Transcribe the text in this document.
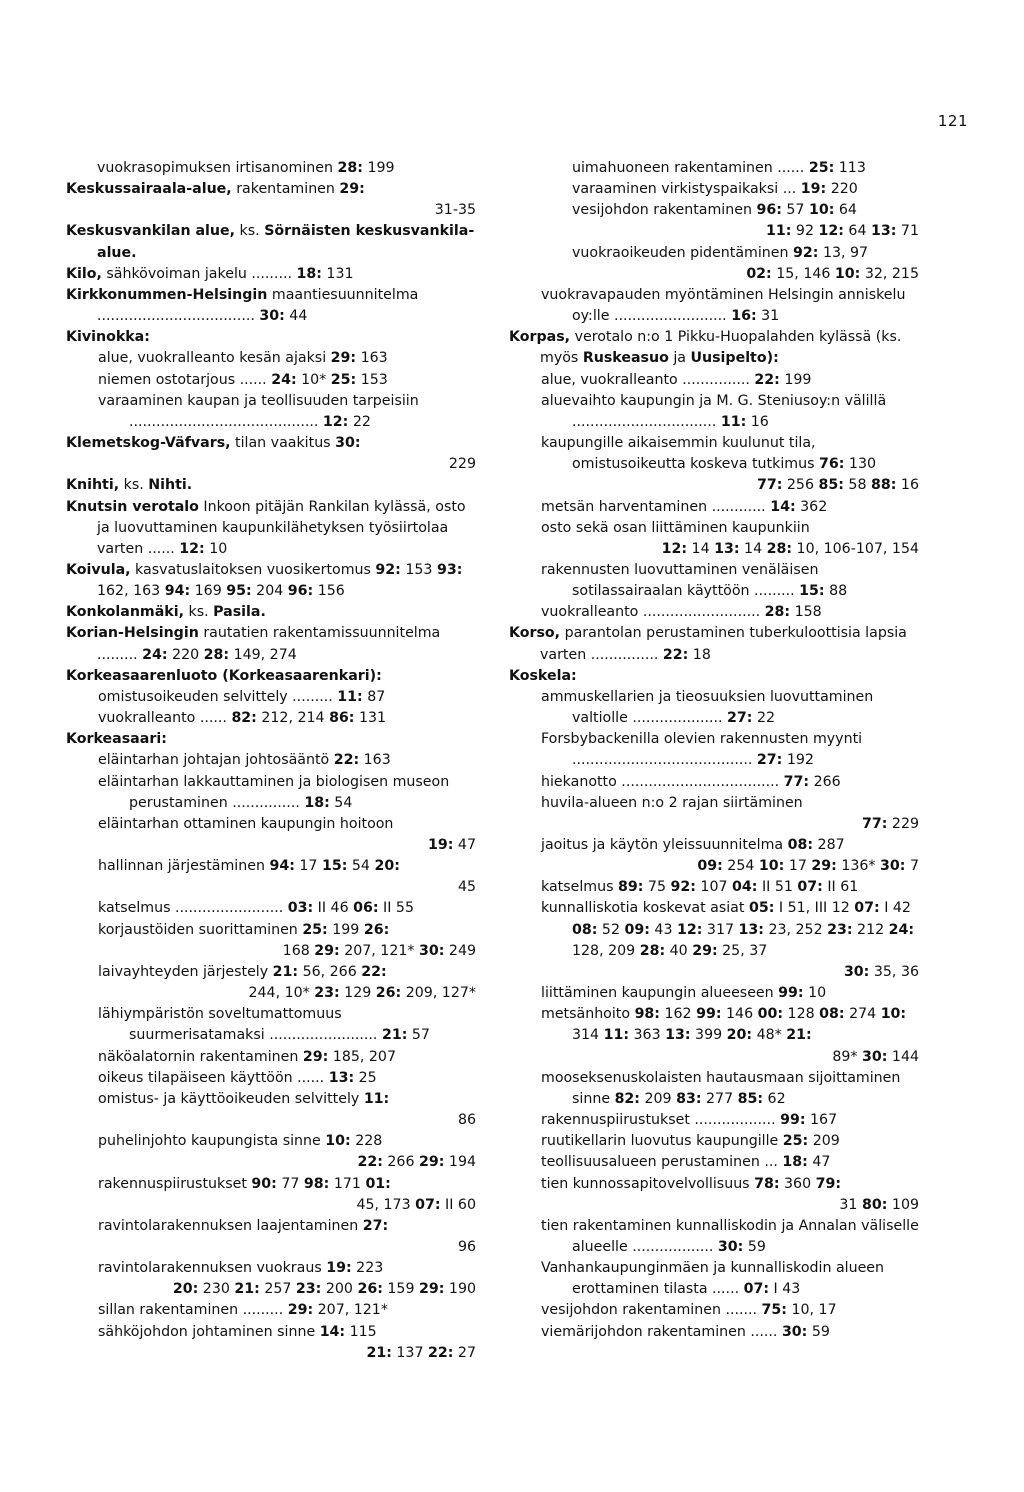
121

vuokrasopimuksen irtisanominen 28: 199

Keskussairaala-alue, rakentaminen 29:

31-35

Keskusvankilan alue, ks. Sörnäisten keskusvankila-alue.

Kilo, sähkövoiman jakelu ......... 18: 131

Kirkkonummen-Helsingin maantiesuunnitelma ................................... 30: 44

Kivinokka:

alue, vuokralleanto kesän ajaksi 29: 163

niemen ostotarjous ...... 24: 10* 25: 153

varaaminen kaupan ja teollisuuden tarpeisiin .......................................... 12: 22

Klemetskog-Väfvars, tilan vaakitus 30:

229

Knihti, ks. Nihti.

Knutsin verotalo Inkoon pitäjän Rankilan kylässä, osto ja luovuttaminen kaupunkilähetyksen työsiirtolaa varten ...... 12: 10

Koivula, kasvatuslaitoksen vuosikertomus 92: 153 93: 162, 163 94: 169 95: 204 96: 156

Konkolanmäki, ks. Pasila.

Korian-Helsingin rautatien rakentamissuunnitelma ......... 24: 220 28: 149, 274

Korkeasaarenluoto (Korkeasaarenkari):

omistusoikeuden selvittely ......... 11: 87

vuokralleanto ...... 82: 212, 214 86: 131

Korkeasaari:

eläintarhan johtajan johtosääntö 22: 163

eläintarhan lakkauttaminen ja biologisen museon perustaminen ............... 18: 54

eläintarhan ottaminen kaupungin hoitoon

19: 47

hallinnan järjestäminen 94: 17 15: 54 20:

45

katselmus ........................ 03: II 46 06: II 55

korjaustöiden suorittaminen 25: 199 26:

168 29: 207, 121* 30: 249

laivayhteyden järjestely 21: 56, 266 22:

244, 10* 23: 129 26: 209, 127*

lähiympäristön soveltumattomuus suurmerisatamaksi ........................ 21: 57

näköalatornin rakentaminen 29: 185, 207

oikeus tilapäiseen käyttöön ...... 13: 25

omistus- ja käyttöoikeuden selvittely 11:

86

puhelinjohto kaupungista sinne 10: 228

22: 266 29: 194

rakennuspiirustukset 90: 77 98: 171 01:

45, 173 07: II 60

ravintolarakennuksen laajentaminen 27:

96

ravintolarakennuksen vuokraus 19: 223

20: 230 21: 257 23: 200 26: 159 29: 190

sillan rakentaminen ......... 29: 207, 121*

sähköjohdon johtaminen sinne 14: 115

21: 137 22: 27

uimahuoneen rakentaminen ...... 25: 113

varaaminen virkistyspaikaksi ... 19: 220

vesijohdon rakentaminen 96: 57 10: 64

11: 92 12: 64 13: 71

vuokraoikeuden pidentäminen 92: 13, 97

02: 15, 146 10: 32, 215

vuokravapauden myöntäminen Helsingin anniskelu oy:lle ......................... 16: 31

Korpas, verotalo n:o 1 Pikku-Huopalahden kylässä (ks. myös Ruskeasuo ja Uusipelto):

alue, vuokralleanto ............... 22: 199

aluevaihto kaupungin ja M. G. Steniusoy:n välillä ................................ 11: 16

kaupungille aikaisemmin kuulunut tila, omistusoikeutta koskeva tutkimus 76: 130

77: 256 85: 58 88: 16

metsän harventaminen ............ 14: 362

osto sekä osan liittäminen kaupunkiin

12: 14 13: 14 28: 10, 106-107, 154

rakennusten luovuttaminen venäläisen sotilassairaalan käyttöön ......... 15: 88

vuokralleanto .......................... 28: 158

Korso, parantolan perustaminen tuberkuloottisia lapsia varten ............... 22: 18

Koskela:

ammuskellarien ja tieosuuksien luovuttaminen valtiolle .................... 27: 22

Forsbybackenilla olevien rakennusten myynti ........................................ 27: 192

hiekanotto ................................... 77: 266

huvila-alueen n:o 2 rajan siirtäminen

77: 229

jaoitus ja käytön yleissuunnitelma 08: 287

09: 254 10: 17 29: 136* 30: 7

katselmus 89: 75 92: 107 04: II 51 07: II 61

kunnalliskotia koskevat asiat 05: I 51, III 12 07: I 42 08: 52 09: 43 12: 317 13: 23, 252 23: 212 24: 128, 209 28: 40 29: 25, 37

30: 35, 36

liittäminen kaupungin alueeseen 99: 10

metsänhoito 98: 162 99: 146 00: 128 08: 274 10: 314 11: 363 13: 399 20: 48* 21:

89* 30: 144

mooseksenuskolaisten hautausmaan sijoittaminen sinne 82: 209 83: 277 85: 62

rakennuspiirustukset .................. 99: 167

ruutikellarin luovutus kaupungille 25: 209

teollisuusalueen perustaminen ... 18: 47

tien kunnossapitovelvollisuus 78: 360 79:

31 80: 109

tien rakentaminen kunnalliskodin ja Annalan väliselle alueelle .................. 30: 59

Vanhankaupunginmäen ja kunnalliskodin alueen erottaminen tilasta ...... 07: I 43

vesijohdon rakentaminen ....... 75: 10, 17

viemärijohdon rakentaminen ...... 30: 59
